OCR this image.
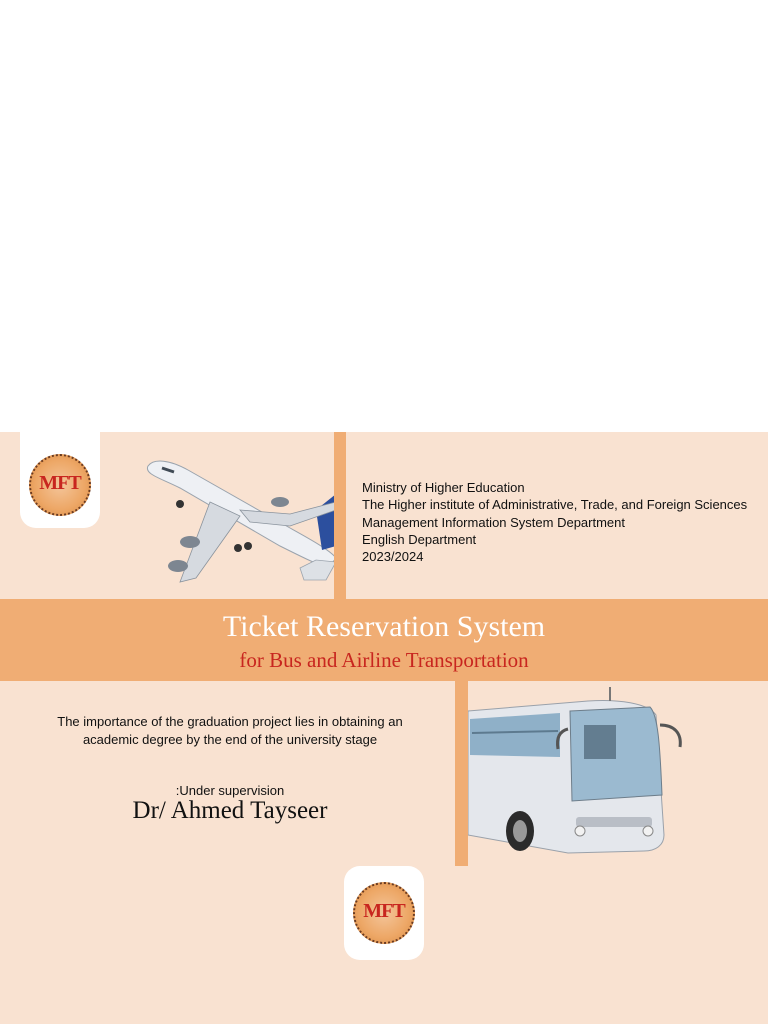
MFT	Ministry of Higher Education
The Higher institute of Administrative, Trade, and Foreign Sciences
Management Information System Department
English Department
2023/2024
Ticket Reservation System
for Bus and Airline Transportation
The importance of the graduation project lies in obtaining an academic degree by the end of the university stage
:Under supervision
Dr/ Ahmed Tayseer
MFT
